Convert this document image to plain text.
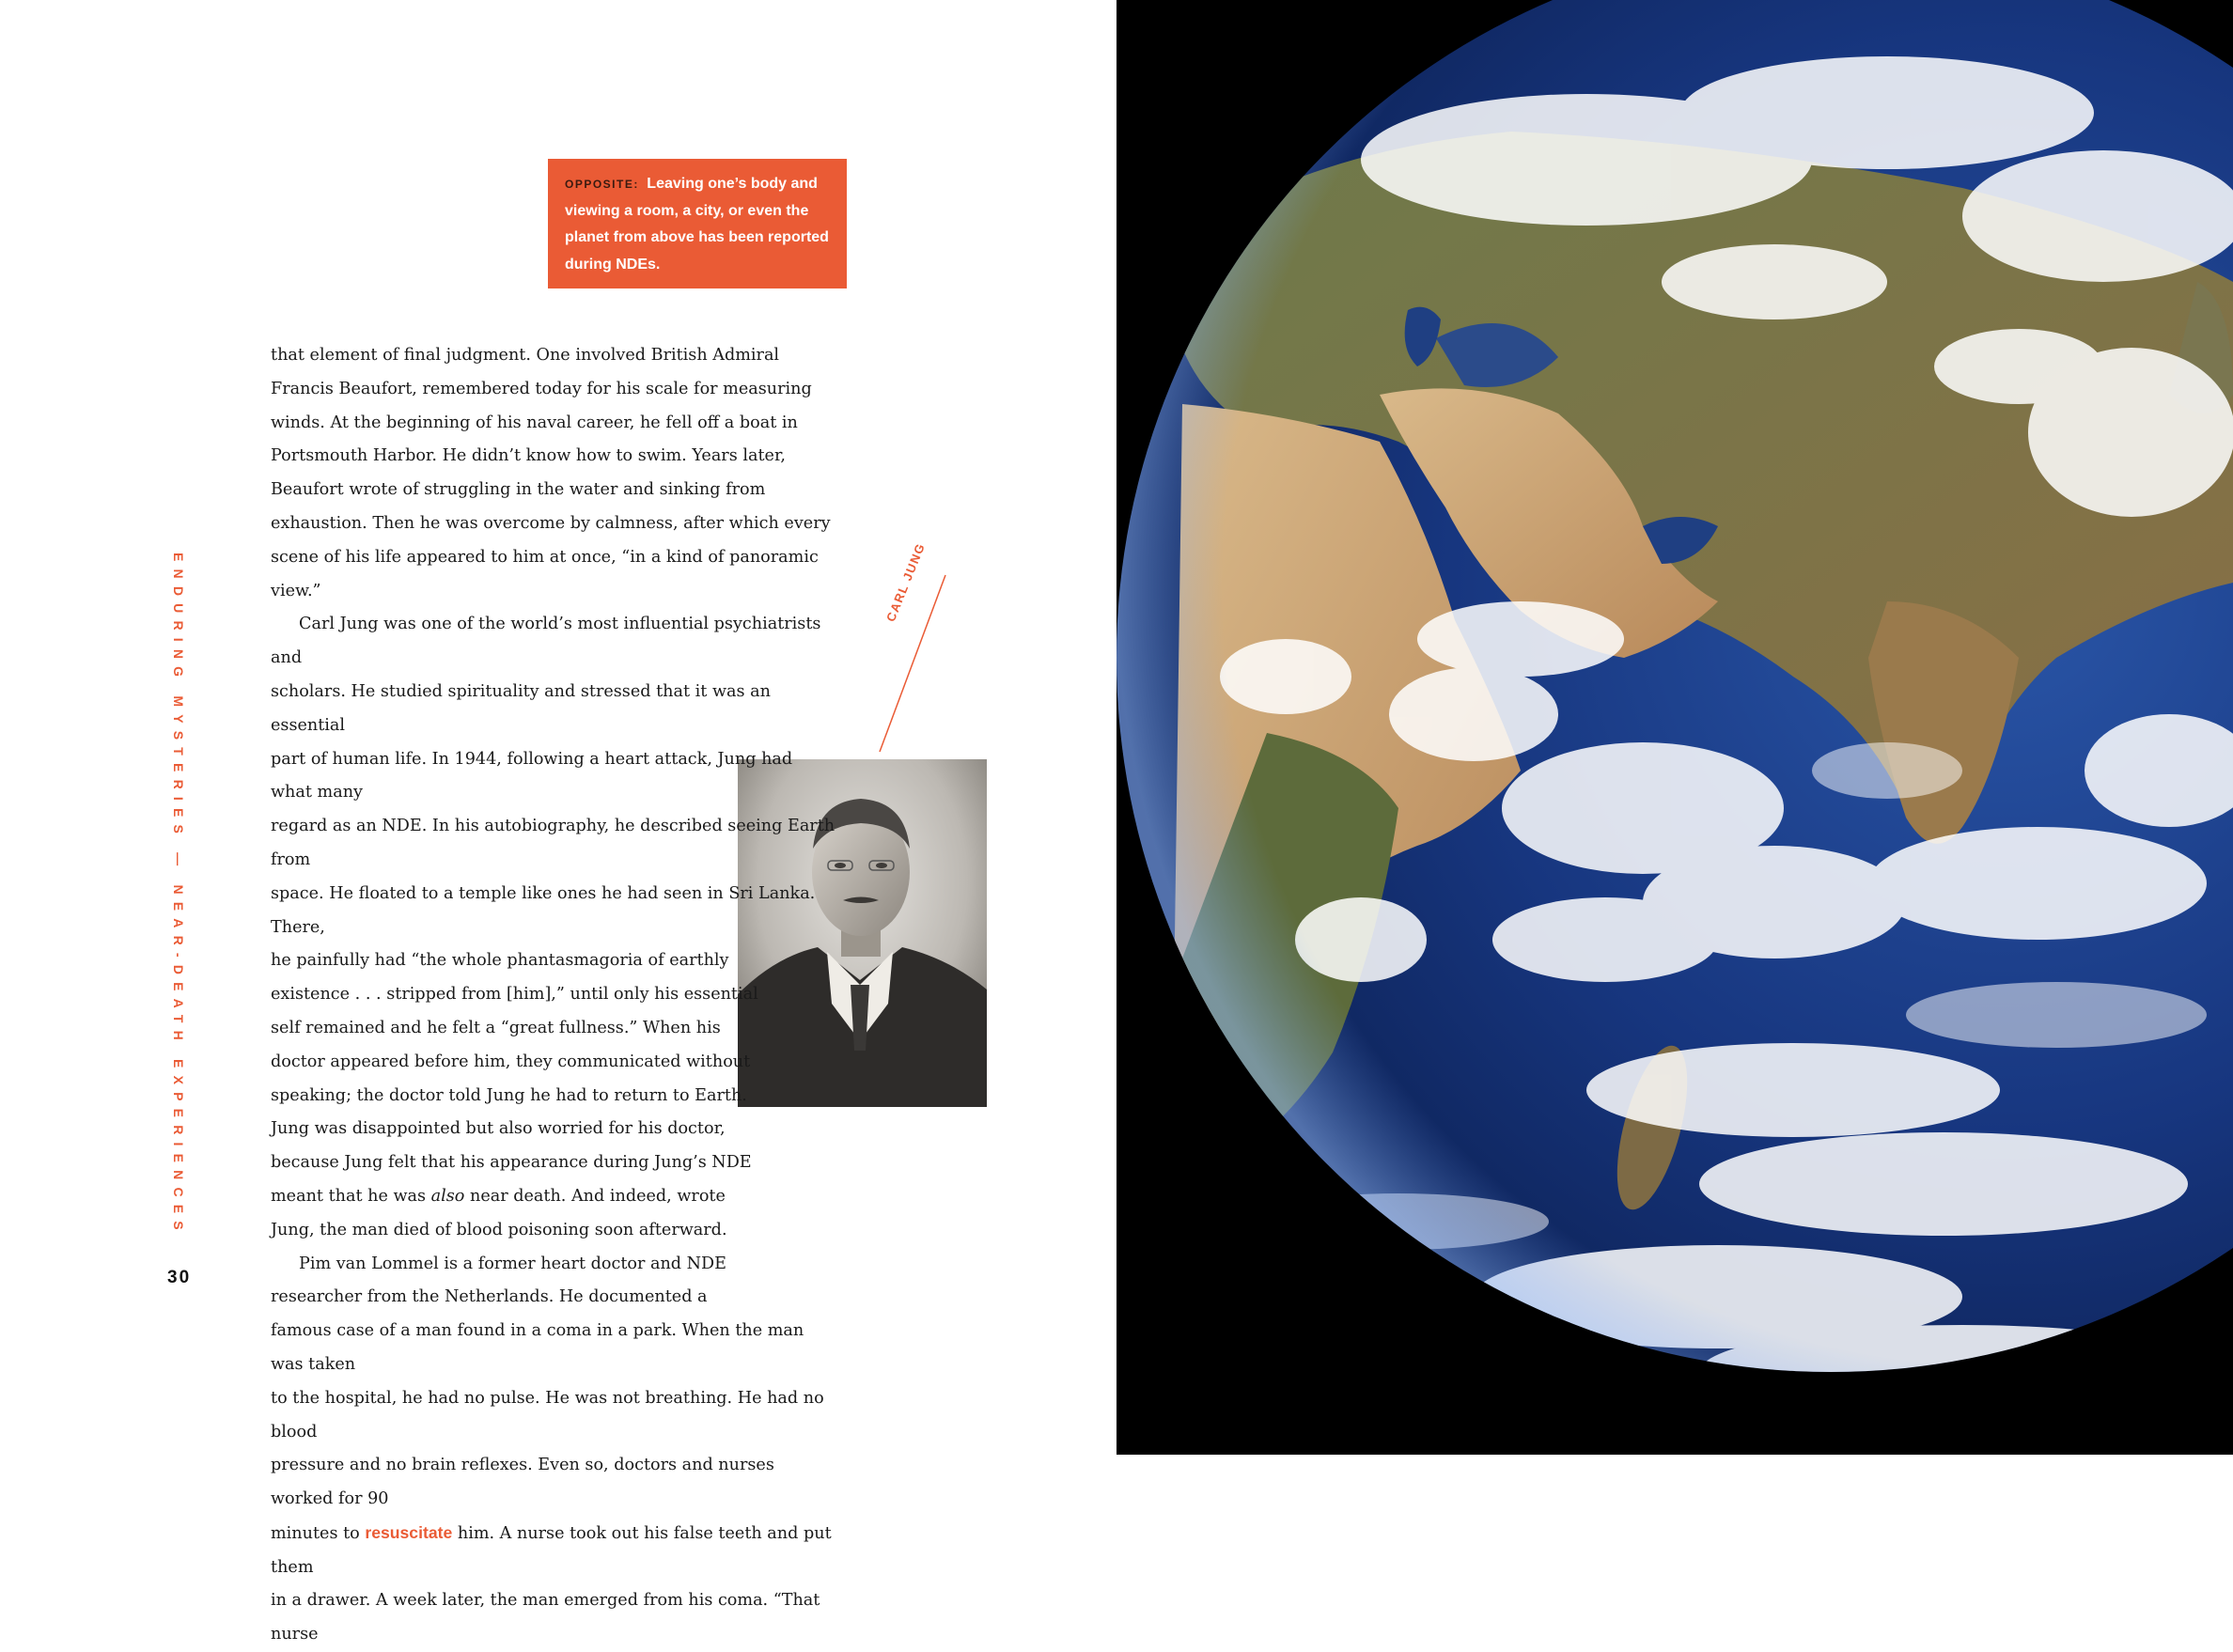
OPPOSITE: Leaving one’s body and viewing a room, a city, or even the planet from above has been reported during NDEs.
ENDURING MYSTERIES — NEAR-DEATH EXPERIENCES
30
CARL JUNG

that element of final judgment. One involved British Admiral Francis Beaufort, remembered today for his scale for measuring winds. At the beginning of his naval career, he fell off a boat in Portsmouth Harbor. He didn’t know how to swim. Years later, Beaufort wrote of struggling in the water and sinking from exhaustion. Then he was overcome by calmness, after which every scene of his life appeared to him at once, “in a kind of panoramic view.”

Carl Jung was one of the world’s most influential psychiatrists and
scholars. He studied spirituality and stressed that it was an essential
part of human life. In 1944, following a heart attack, Jung had what many
regard as an NDE. In his autobiography, he described seeing Earth from
space. He floated to a temple like ones he had seen in Sri Lanka. There,
he painfully had “the whole phantasmagoria of earthly
existence . . . stripped from [him],” until only his essential
self remained and he felt a “great fullness.” When his
doctor appeared before him, they communicated without
speaking; the doctor told Jung he had to return to Earth.
Jung was disappointed but also worried for his doctor,
because Jung felt that his appearance during Jung’s NDE
meant that he was also near death. And indeed, wrote
Jung, the man died of blood poisoning soon afterward.

Pim van Lommel is a former heart doctor and NDE
researcher from the Netherlands. He documented a
famous case of a man found in a coma in a park. When the man was taken
to the hospital, he had no pulse. He was not breathing. He had no blood
pressure and no brain reflexes. Even so, doctors and nurses worked for 90
minutes to resuscitate him. A nurse took out his false teeth and put them
in a drawer. A week later, the man emerged from his coma. “That nurse
